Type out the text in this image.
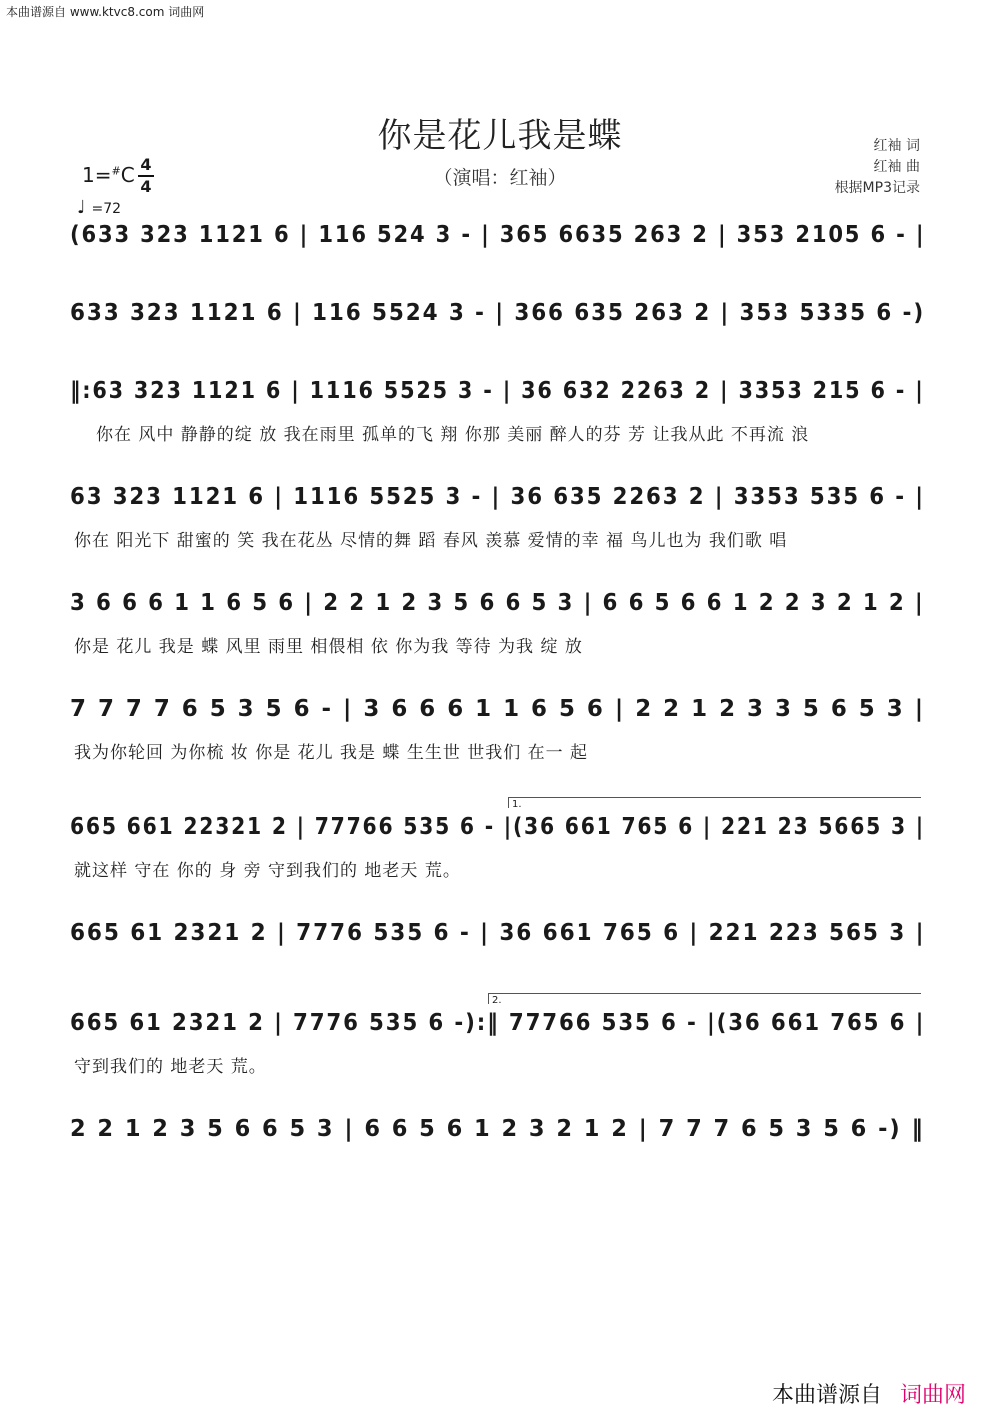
本曲谱源自 www.ktvc8.com 词曲网
你是花儿我是蝶
（演唱：红袖）
红袖 词
红袖 曲
根据MP3记录
1=#C 4
4
♩ =72
(633 323 1121 6 | 116 524 3 - | 365 6635 263 2 | 353 2105 6 - |
633 323 1121 6 | 116 5524 3 - | 366 635 263 2 | 353 5335 6 -)
‖:63 323 1121 6 | 1116 5525 3 - | 36 632 2263 2 | 3353 215 6 - |
你在 风中 静静的绽 放 我在雨里 孤单的飞 翔 你那 美丽 醉人的芬 芳 让我从此 不再流 浪
63 323 1121 6 | 1116 5525 3 - | 36 635 2263 2 | 3353 535 6 - |
你在 阳光下 甜蜜的 笑 我在花丛 尽情的舞 蹈 春风 羡慕 爱情的幸 福 鸟儿也为 我们歌 唱
3 6 6 6 1 1 6 5 6 | 2 2 1 2 3 5 6 6 5 3 | 6 6 5 6 6 1 2 2 3 2 1 2 |
你是 花儿 我是 蝶 风里 雨里 相偎相 依 你为我 等待 为我 绽 放
7 7 7 7 6 5 3 5 6 - | 3 6 6 6 1 1 6 5 6 | 2 2 1 2 3 3 5 6 5 3 |
我为你轮回 为你梳 妆 你是 花儿 我是 蝶 生生世 世我们 在一 起
1.
665 661 22321 2 | 77766 535 6 - |(36 661 765 6 | 221 23 5665 3 |
就这样 守在 你的 身 旁 守到我们的 地老天 荒。
665 61 2321 2 | 7776 535 6 - | 36 661 765 6 | 221 223 565 3 |
2.
665 61 2321 2 | 7776 535 6 -):‖ 77766 535 6 - |(36 661 765 6 |
守到我们的 地老天 荒。
2 2 1 2 3 5 6 6 5 3 | 6 6 5 6 1 2 3 2 1 2 | 7 7 7 6 5 3 5 6 -) ‖
本曲谱源自 词曲网
